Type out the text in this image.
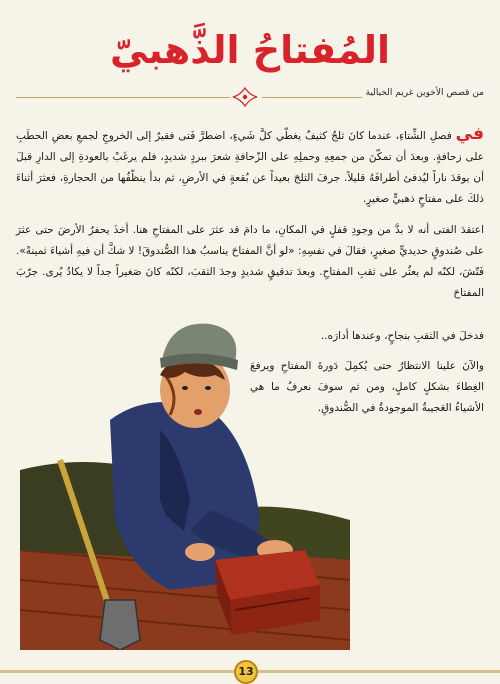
المُفتاحُ الذَّهبيّ
من قصص الأخوين غريم الخيالية

في فصلِ الشِّتاءِ، عندما كانَ ثلجٌ كثيفٌ يغطّي كلَّ شَيءٍ، اضطرَّ فَتى فقيرٌ إلى الخروجِ لجمعِ بعضِ الحطَبِ على زحافةٍ. وبعدَ أن تمكّنَ من جمعِهِ وحملِهِ على الزّحافةِ شعرَ ببردٍ شديدٍ، فلم يرغَبْ بالعودةِ إلى الدارِ قبلَ أن يوقدَ ناراً ليُدفئ أطرافَهُ قليلاً. جرفَ الثلجَ بعيداً عن بُقعةٍ في الأرضِ، ثم بدأ ينظّفُها من الحجارةِ، فعثرَ أثناءَ ذلكَ على مفتاحٍ ذهبيٍّ صغيرٍ.

اعتقدَ الفتى أنه لا بدَّ من وجودِ قفلٍ في المكانِ، ما دامَ قد عثرَ على المفتاحِ هنا. أخذَ يحفرُ الأرضَ حتى عثرَ على صُندوقٍ حديديٍّ صغيرٍ، فقالَ في نفسِهِ: «لو أنَّ المفتاحَ يناسبُ هذا الصُّندوقَ! لا شكَّ أن فيهِ أشياءَ ثمينةً». فَتّشَ، لكنّه لم يعثُر على ثقبِ المفتاحِ. وبعدَ تدقيقٍ شديدٍ وجدَ الثقبَ، لكنّه كانَ صَغيراً جداً لا يكادُ يُرى. جرّبَ المفتاحَ

فدخلَ في الثقبِ بنجاحٍ، وعندها أدارَه..

والآنَ علينا الانتظارُ حتى يُكمِلَ دَورةَ المفتاحِ ويرفعَ الغِطاءَ بشكلٍ كاملٍ، ومن ثم سوفَ نعرفُ ما هي الأشياءُ العَجيبةُ الموجودةُ في الصُّندوقِ.

13
